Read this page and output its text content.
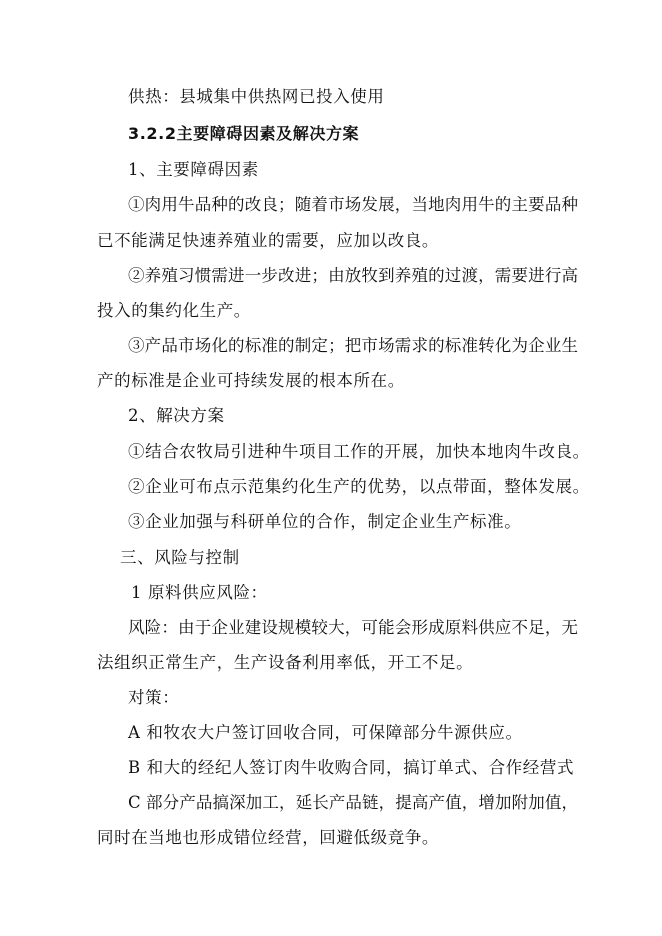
供热：县城集中供热网已投入使用
3.2.2主要障碍因素及解决方案
1、主要障碍因素
①肉用牛品种的改良；随着市场发展，当地肉用牛的主要品种
已不能满足快速养殖业的需要，应加以改良。
②养殖习惯需进一步改进；由放牧到养殖的过渡，需要进行高
投入的集约化生产。
③产品市场化的标准的制定；把市场需求的标准转化为企业生
产的标准是企业可持续发展的根本所在。
2、解决方案
①结合农牧局引进种牛项目工作的开展，加快本地肉牛改良。
②企业可布点示范集约化生产的优势，以点带面，整体发展。
③企业加强与科研单位的合作，制定企业生产标准。
三、风险与控制
1 原料供应风险：
风险：由于企业建设规模较大，可能会形成原料供应不足，无
法组织正常生产，生产设备利用率低，开工不足。
对策：
A 和牧农大户签订回收合同，可保障部分牛源供应。
B 和大的经纪人签订肉牛收购合同，搞订单式、合作经营式
C 部分产品搞深加工，延长产品链，提高产值，增加附加值，
同时在当地也形成错位经营，回避低级竞争。
